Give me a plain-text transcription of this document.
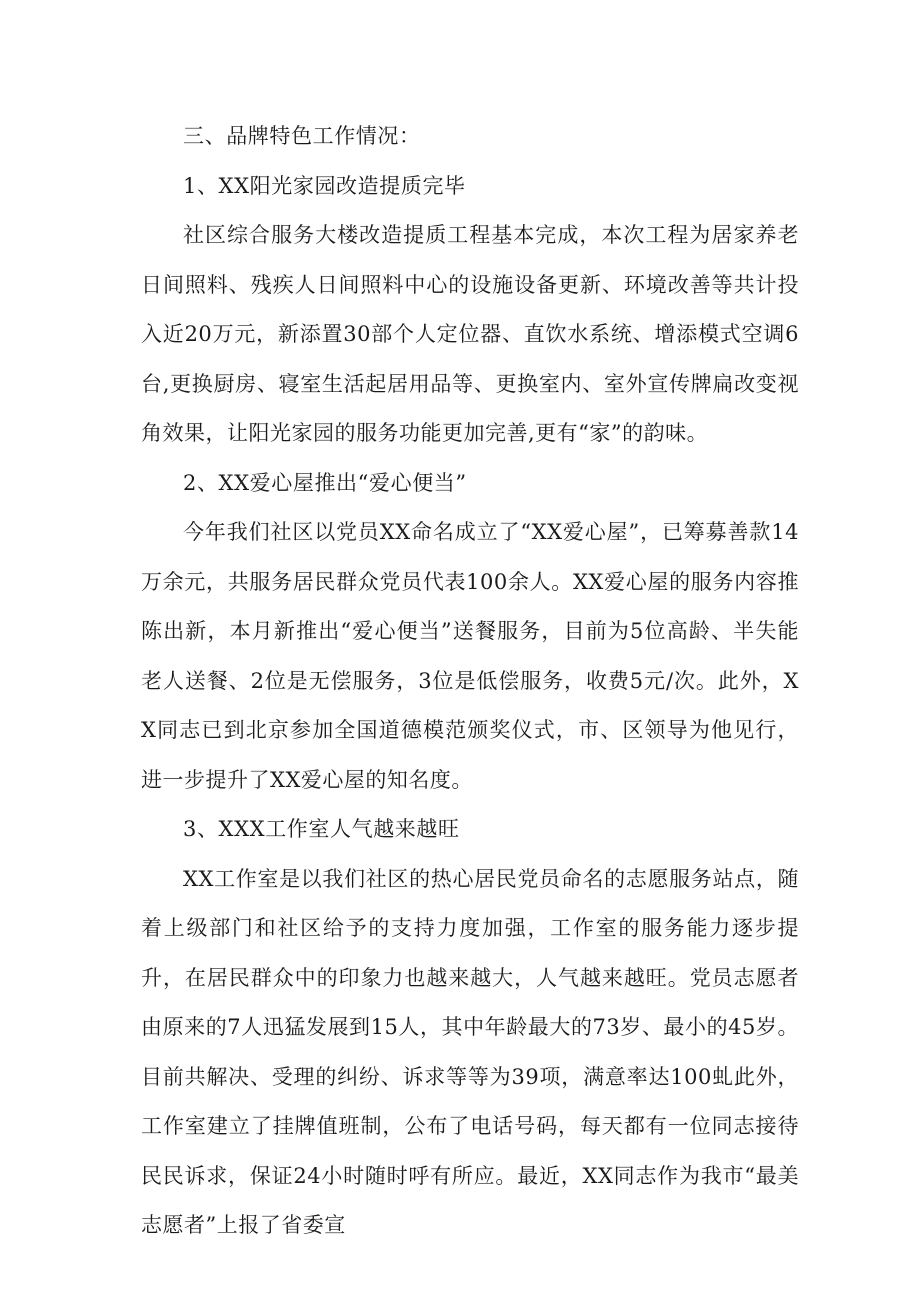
三、品牌特色工作情况：

1、XX阳光家园改造提质完毕

社区综合服务大楼改造提质工程基本完成，本次工程为居家养老日间照料、残疾人日间照料中心的设施设备更新、环境改善等共计投入近20万元，新添置30部个人定位器、直饮水系统、增添模式空调6台,更换厨房、寝室生活起居用品等、更换室内、室外宣传牌扁改变视角效果，让阳光家园的服务功能更加完善,更有“家”的韵味。

2、XX爱心屋推出“爱心便当”

今年我们社区以党员XX命名成立了“XX爱心屋”，已筹募善款14万余元，共服务居民群众党员代表100余人。XX爱心屋的服务内容推陈出新，本月新推出“爱心便当”送餐服务，目前为5位高龄、半失能老人送餐、2位是无偿服务，3位是低偿服务，收费5元/次。此外，XX同志已到北京参加全国道德模范颁奖仪式，市、区领导为他见行，进一步提升了XX爱心屋的知名度。

3、XXX工作室人气越来越旺

XX工作室是以我们社区的热心居民党员命名的志愿服务站点，随着上级部门和社区给予的支持力度加强，工作室的服务能力逐步提升，在居民群众中的印象力也越来越大，人气越来越旺。党员志愿者由原来的7人迅猛发展到15人，其中年龄最大的73岁、最小的45岁。目前共解决、受理的纠纷、诉求等等为39项，满意率达100虬此外，工作室建立了挂牌值班制，公布了电话号码，每天都有一位同志接待民民诉求，保证24小时随时呼有所应。最近，XX同志作为我市“最美志愿者”上报了省委宣
